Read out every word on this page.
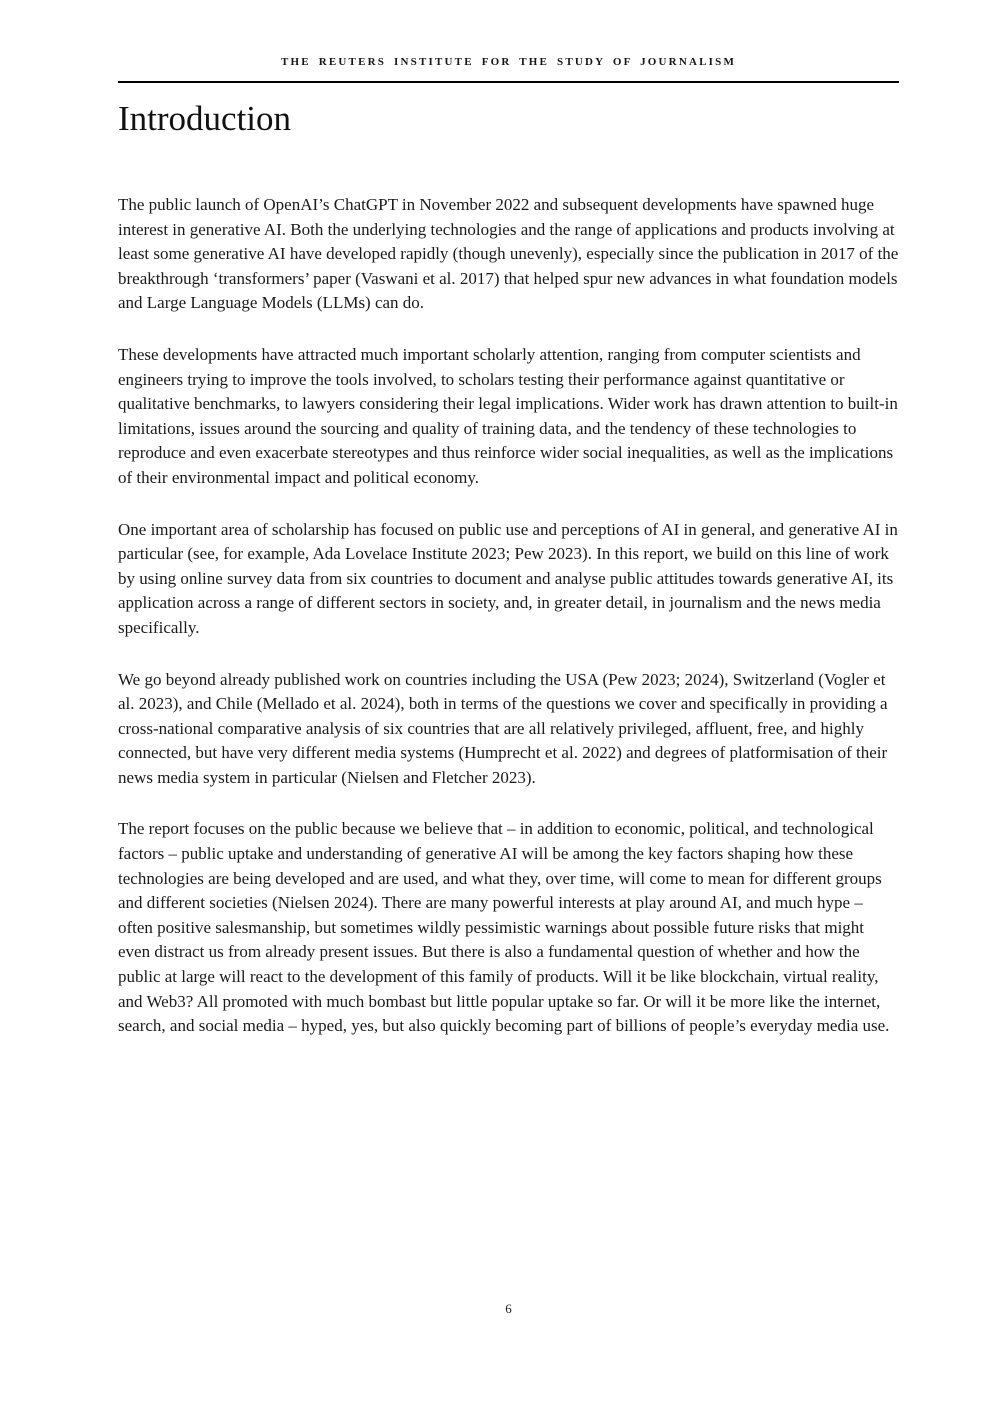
THE REUTERS INSTITUTE FOR THE STUDY OF JOURNALISM
Introduction

The public launch of OpenAI’s ChatGPT in November 2022 and subsequent developments have spawned huge interest in generative AI. Both the underlying technologies and the range of applications and products involving at least some generative AI have developed rapidly (though unevenly), especially since the publication in 2017 of the breakthrough ‘transformers’ paper (Vaswani et al. 2017) that helped spur new advances in what foundation models and Large Language Models (LLMs) can do.

These developments have attracted much important scholarly attention, ranging from computer scientists and engineers trying to improve the tools involved, to scholars testing their performance against quantitative or qualitative benchmarks, to lawyers considering their legal implications. Wider work has drawn attention to built-in limitations, issues around the sourcing and quality of training data, and the tendency of these technologies to reproduce and even exacerbate stereotypes and thus reinforce wider social inequalities, as well as the implications of their environmental impact and political economy.

One important area of scholarship has focused on public use and perceptions of AI in general, and generative AI in particular (see, for example, Ada Lovelace Institute 2023; Pew 2023). In this report, we build on this line of work by using online survey data from six countries to document and analyse public attitudes towards generative AI, its application across a range of different sectors in society, and, in greater detail, in journalism and the news media specifically.

We go beyond already published work on countries including the USA (Pew 2023; 2024), Switzerland (Vogler et al. 2023), and Chile (Mellado et al. 2024), both in terms of the questions we cover and specifically in providing a cross-national comparative analysis of six countries that are all relatively privileged, affluent, free, and highly connected, but have very different media systems (Humprecht et al. 2022) and degrees of platformisation of their news media system in particular (Nielsen and Fletcher 2023).

The report focuses on the public because we believe that – in addition to economic, political, and technological factors – public uptake and understanding of generative AI will be among the key factors shaping how these technologies are being developed and are used, and what they, over time, will come to mean for different groups and different societies (Nielsen 2024). There are many powerful interests at play around AI, and much hype – often positive salesmanship, but sometimes wildly pessimistic warnings about possible future risks that might even distract us from already present issues. But there is also a fundamental question of whether and how the public at large will react to the development of this family of products. Will it be like blockchain, virtual reality, and Web3? All promoted with much bombast but little popular uptake so far. Or will it be more like the internet, search, and social media – hyped, yes, but also quickly becoming part of billions of people’s everyday media use.

6
